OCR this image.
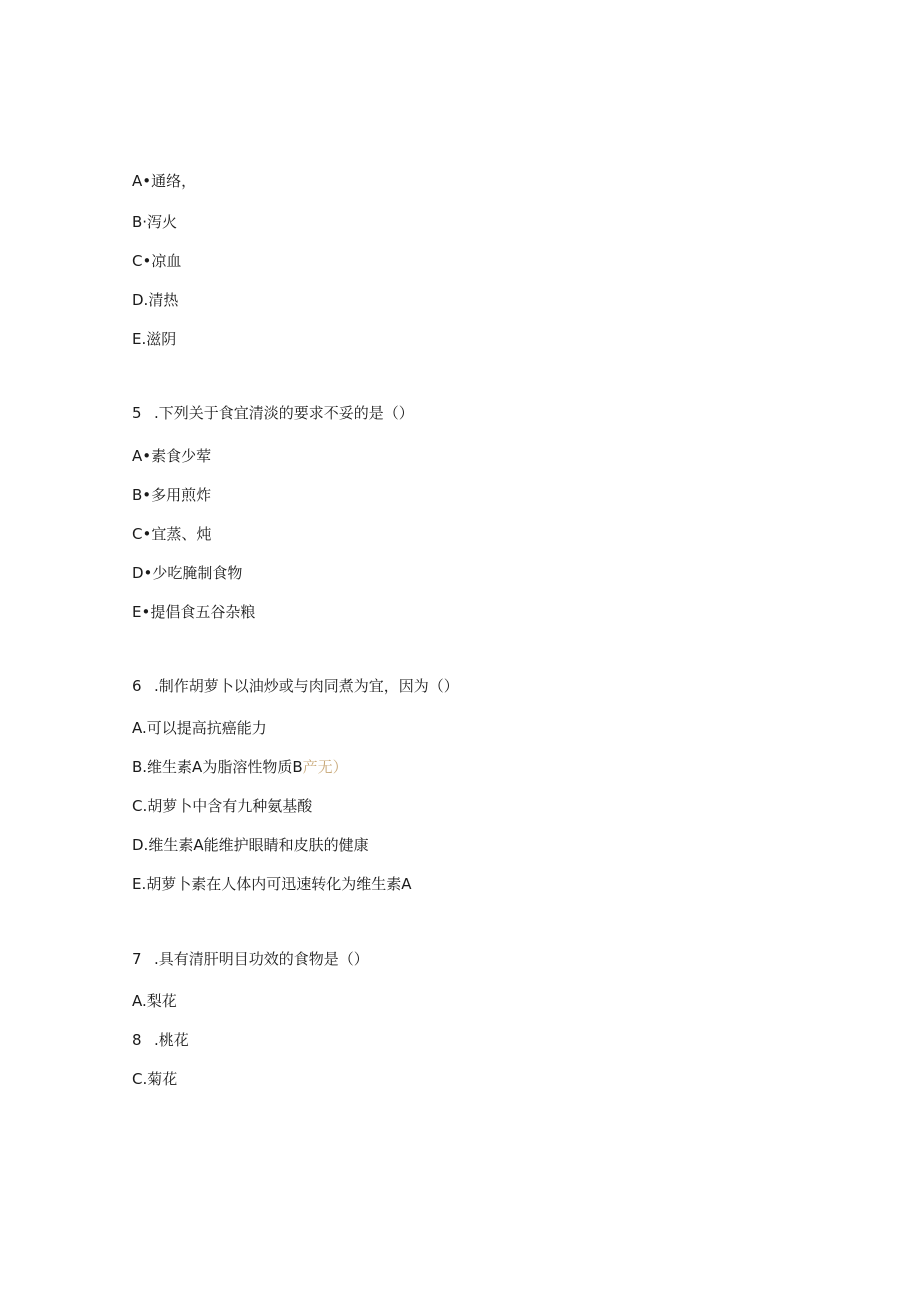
A•通络，
B·泻火
C•凉血
D.清热
E.滋阴
5 .下列关于食宜清淡的要求不妥的是（）
A•素食少荤
B•多用煎炸
C•宜蒸、炖
D•少吃腌制食物
E•提倡食五谷杂粮
6 .制作胡萝卜以油炒或与肉同煮为宜，因为（）
A.可以提高抗癌能力
B.维生素A为脂溶性物质B产无）
C.胡萝卜中含有九种氨基酸
D.维生素A能维护眼睛和皮肤的健康
E.胡萝卜素在人体内可迅速转化为维生素A
7 .具有清肝明目功效的食物是（）
A.梨花
8 .桃花
C.菊花
